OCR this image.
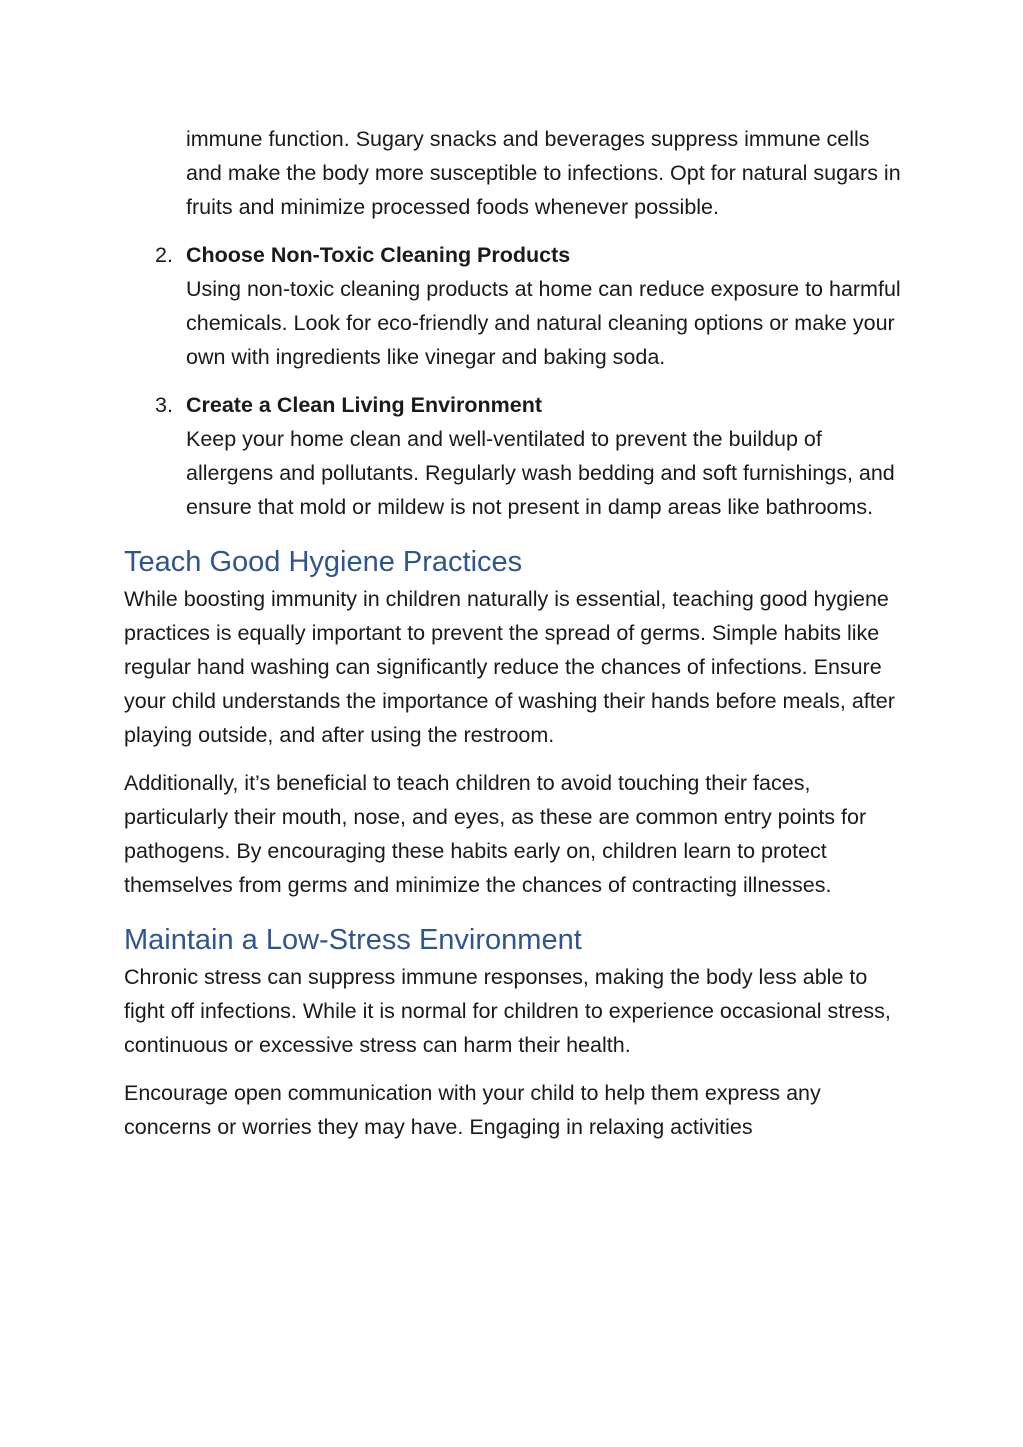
immune function. Sugary snacks and beverages suppress immune cells and make the body more susceptible to infections. Opt for natural sugars in fruits and minimize processed foods whenever possible.

2. Choose Non-Toxic Cleaning Products

Using non-toxic cleaning products at home can reduce exposure to harmful chemicals. Look for eco-friendly and natural cleaning options or make your own with ingredients like vinegar and baking soda.

3. Create a Clean Living Environment

Keep your home clean and well-ventilated to prevent the buildup of allergens and pollutants. Regularly wash bedding and soft furnishings, and ensure that mold or mildew is not present in damp areas like bathrooms.

Teach Good Hygiene Practices

While boosting immunity in children naturally is essential, teaching good hygiene practices is equally important to prevent the spread of germs. Simple habits like regular hand washing can significantly reduce the chances of infections. Ensure your child understands the importance of washing their hands before meals, after playing outside, and after using the restroom.

Additionally, it’s beneficial to teach children to avoid touching their faces, particularly their mouth, nose, and eyes, as these are common entry points for pathogens. By encouraging these habits early on, children learn to protect themselves from germs and minimize the chances of contracting illnesses.

Maintain a Low-Stress Environment

Chronic stress can suppress immune responses, making the body less able to fight off infections. While it is normal for children to experience occasional stress, continuous or excessive stress can harm their health.

Encourage open communication with your child to help them express any concerns or worries they may have. Engaging in relaxing activities
